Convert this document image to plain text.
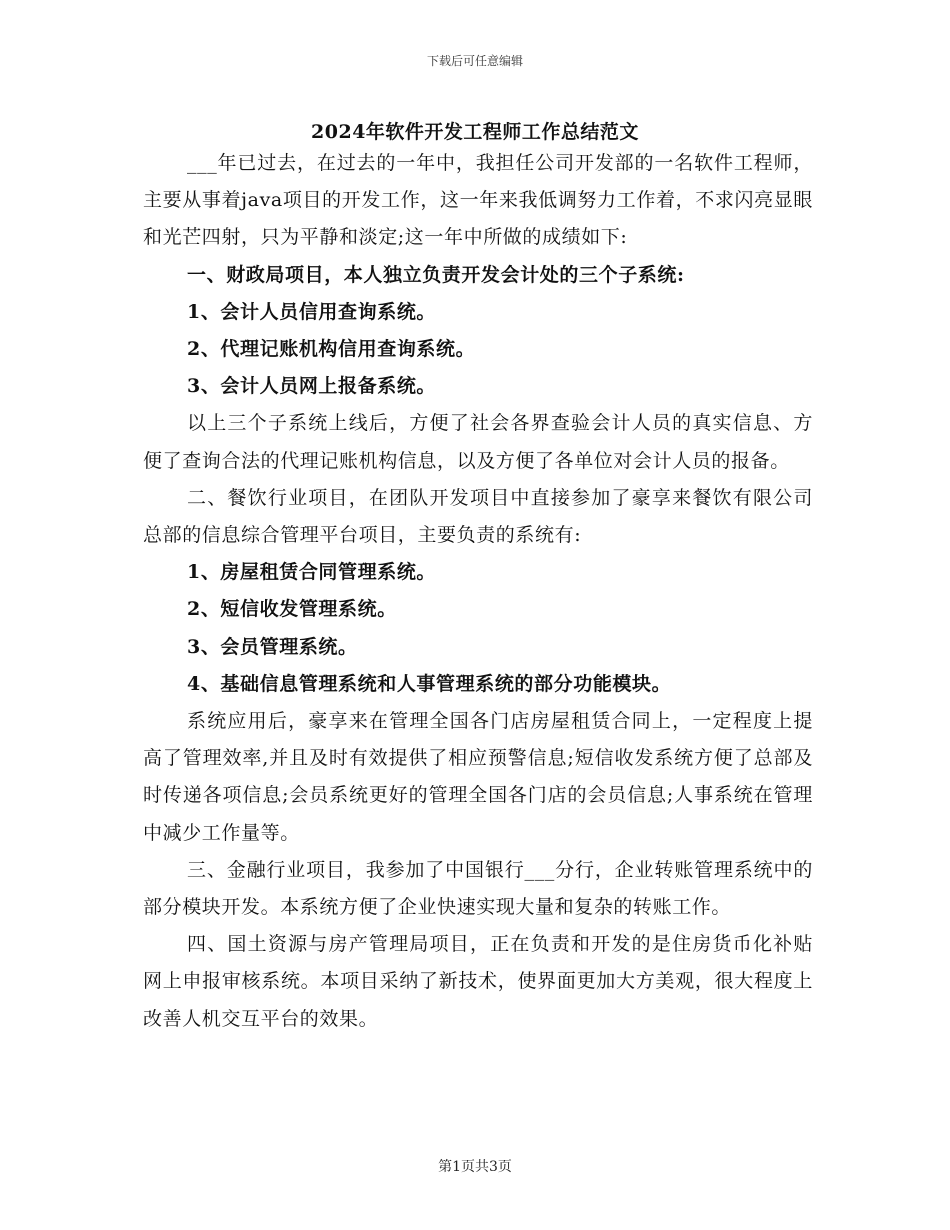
下载后可任意编辑
2024年软件开发工程师工作总结范文

___年已过去，在过去的一年中，我担任公司开发部的一名软件工程师，主要从事着java项目的开发工作，这一年来我低调努力工作着，不求闪亮显眼和光芒四射，只为平静和淡定;这一年中所做的成绩如下:

一、财政局项目，本人独立负责开发会计处的三个子系统:

1、会计人员信用查询系统。

2、代理记账机构信用查询系统。

3、会计人员网上报备系统。

以上三个子系统上线后，方便了社会各界查验会计人员的真实信息、方便了查询合法的代理记账机构信息，以及方便了各单位对会计人员的报备。

二、餐饮行业项目，在团队开发项目中直接参加了豪享来餐饮有限公司总部的信息综合管理平台项目，主要负责的系统有:

1、房屋租赁合同管理系统。

2、短信收发管理系统。

3、会员管理系统。

4、基础信息管理系统和人事管理系统的部分功能模块。

系统应用后，豪享来在管理全国各门店房屋租赁合同上，一定程度上提高了管理效率,并且及时有效提供了相应预警信息;短信收发系统方便了总部及时传递各项信息;会员系统更好的管理全国各门店的会员信息;人事系统在管理中减少工作量等。

三、金融行业项目，我参加了中国银行___分行，企业转账管理系统中的部分模块开发。本系统方便了企业快速实现大量和复杂的转账工作。

四、国土资源与房产管理局项目，正在负责和开发的是住房货币化补贴网上申报审核系统。本项目采纳了新技术，使界面更加大方美观，很大程度上改善人机交互平台的效果。

第1页共3页
